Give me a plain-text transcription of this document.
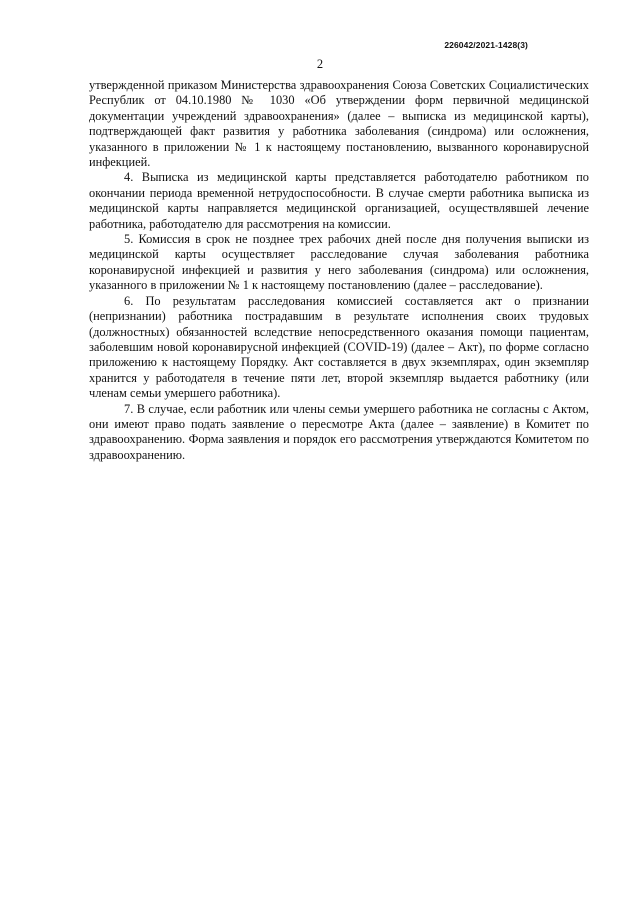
226042/2021-1428(3)
2

утвержденной приказом Министерства здравоохранения Союза Советских Социалистических Республик от 04.10.1980 № 1030 «Об утверждении форм первичной медицинской документации учреждений здравоохранения» (далее – выписка из медицинской карты), подтверждающей факт развития у работника заболевания (синдрома) или осложнения, указанного в приложении № 1 к настоящему постановлению, вызванного коронавирусной инфекцией.

4. Выписка из медицинской карты представляется работодателю работником по окончании периода временной нетрудоспособности. В случае смерти работника выписка из медицинской карты направляется медицинской организацией, осуществлявшей лечение работника, работодателю для рассмотрения на комиссии.

5. Комиссия в срок не позднее трех рабочих дней после дня получения выписки из медицинской карты осуществляет расследование случая заболевания работника коронавирусной инфекцией и развития у него заболевания (синдрома) или осложнения, указанного в приложении № 1 к настоящему постановлению (далее – расследование).

6. По результатам расследования комиссией составляется акт о признании (непризнании) работника пострадавшим в результате исполнения своих трудовых (должностных) обязанностей вследствие непосредственного оказания помощи пациентам, заболевшим новой коронавирусной инфекцией (COVID-19) (далее – Акт), по форме согласно приложению к настоящему Порядку. Акт составляется в двух экземплярах, один экземпляр хранится у работодателя в течение пяти лет, второй экземпляр выдается работнику (или членам семьи умершего работника).

7. В случае, если работник или члены семьи умершего работника не согласны с Актом, они имеют право подать заявление о пересмотре Акта (далее – заявление) в Комитет по здравоохранению. Форма заявления и порядок его рассмотрения утверждаются Комитетом по здравоохранению.
